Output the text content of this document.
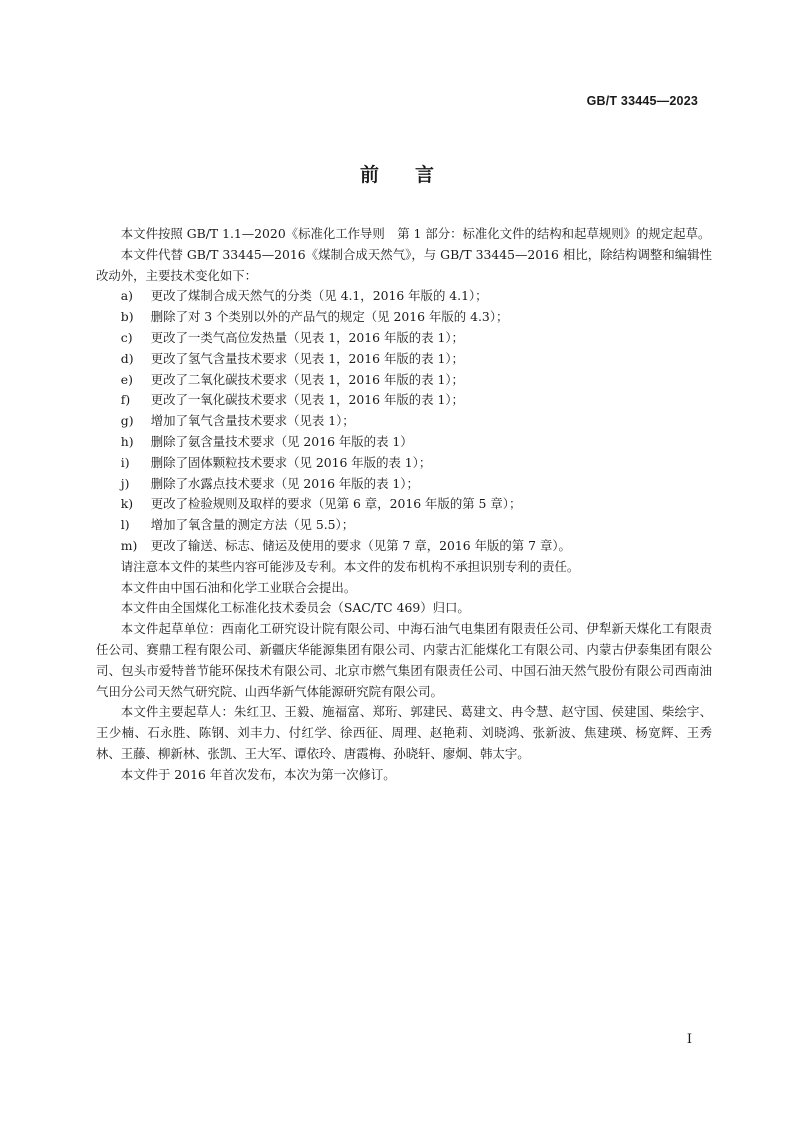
GB/T 33445—2023
前言

本文件按照 GB/T 1.1—2020《标准化工作导则　第 1 部分：标准化文件的结构和起草规则》的规定起草。

本文件代替 GB/T 33445—2016《煤制合成天然气》，与 GB/T 33445—2016 相比，除结构调整和编辑性改动外，主要技术变化如下：

a) 更改了煤制合成天然气的分类（见 4.1，2016 年版的 4.1）；
b) 删除了对 3 个类别以外的产品气的规定（见 2016 年版的 4.3）；
c) 更改了一类气高位发热量（见表 1，2016 年版的表 1）；
d) 更改了氢气含量技术要求（见表 1，2016 年版的表 1）；
e) 更改了二氧化碳技术要求（见表 1，2016 年版的表 1）；
f) 更改了一氧化碳技术要求（见表 1，2016 年版的表 1）；
g) 增加了氧气含量技术要求（见表 1）；
h) 删除了氨含量技术要求（见 2016 年版的表 1）
i) 删除了固体颗粒技术要求（见 2016 年版的表 1）；
j) 删除了水露点技术要求（见 2016 年版的表 1）；
k) 更改了检验规则及取样的要求（见第 6 章，2016 年版的第 5 章）；
l) 增加了氧含量的测定方法（见 5.5）；
m) 更改了输送、标志、储运及使用的要求（见第 7 章，2016 年版的第 7 章）。

请注意本文件的某些内容可能涉及专利。本文件的发布机构不承担识别专利的责任。

本文件由中国石油和化学工业联合会提出。

本文件由全国煤化工标准化技术委员会（SAC/TC 469）归口。

本文件起草单位：西南化工研究设计院有限公司、中海石油气电集团有限责任公司、伊犁新天煤化工有限责任公司、赛鼎工程有限公司、新疆庆华能源集团有限公司、内蒙古汇能煤化工有限公司、内蒙古伊泰集团有限公司、包头市爱特普节能环保技术有限公司、北京市燃气集团有限责任公司、中国石油天然气股份有限公司西南油气田分公司天然气研究院、山西华新气体能源研究院有限公司。

本文件主要起草人：朱红卫、王毅、施福富、郑珩、郭建民、葛建文、冉令慧、赵守国、侯建国、柴绘宇、王少楠、石永胜、陈钢、刘丰力、付红学、徐西征、周理、赵艳莉、刘晓鸿、张新波、焦建瑛、杨宽辉、王秀林、王藤、柳新林、张凯、王大军、谭依玲、唐霞梅、孙晓轩、廖炯、韩太宇。

本文件于 2016 年首次发布，本次为第一次修订。

I
